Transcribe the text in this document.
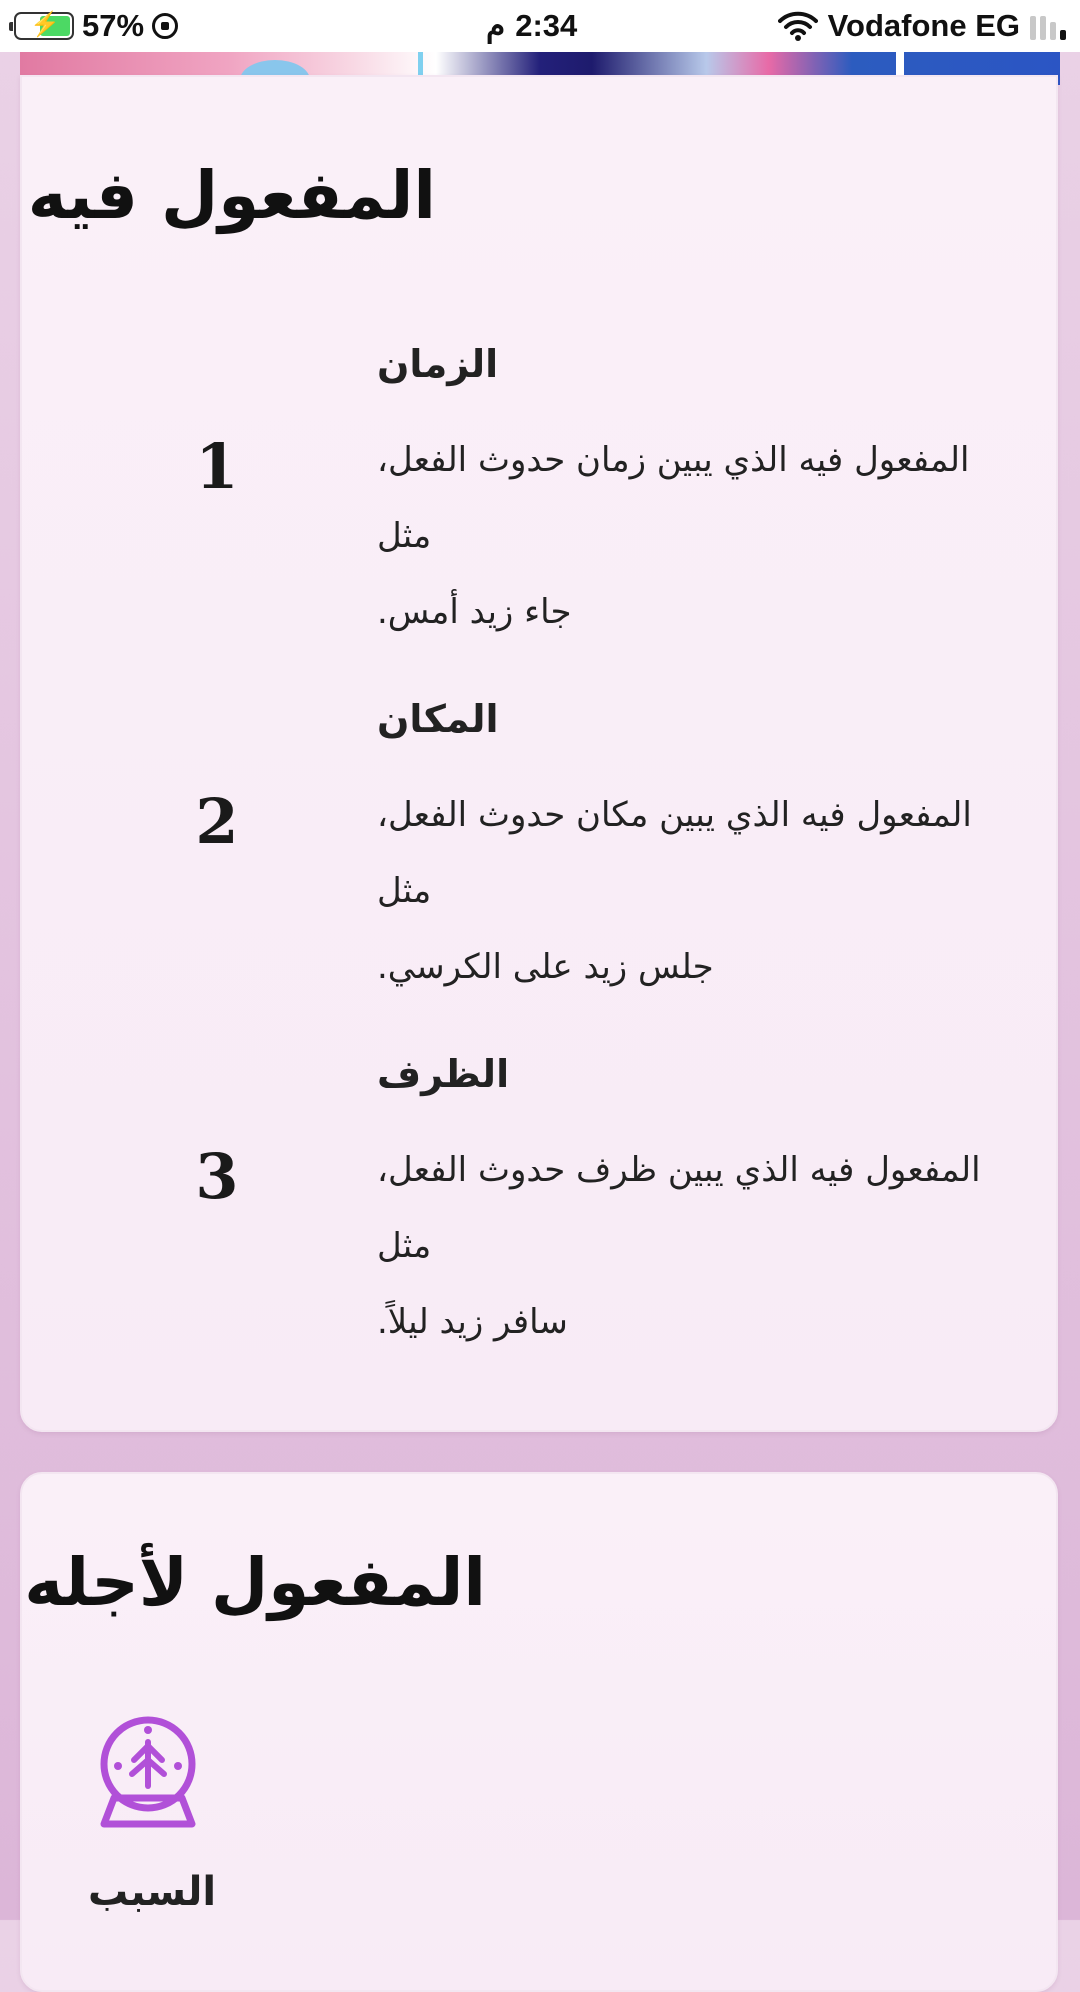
⚡ 57%	م 2:34	Vodafone EG
المفعول فيه
الزمان
1	المفعول فيه الذي يبين زمان حدوث الفعل، مثل
جاء زيد أمس.
المكان
2	المفعول فيه الذي يبين مكان حدوث الفعل، مثل
جلس زيد على الكرسي.
الظرف
3	المفعول فيه الذي يبين ظرف حدوث الفعل، مثل
سافر زيد ليلاً.
المفعول لأجله
السبب
